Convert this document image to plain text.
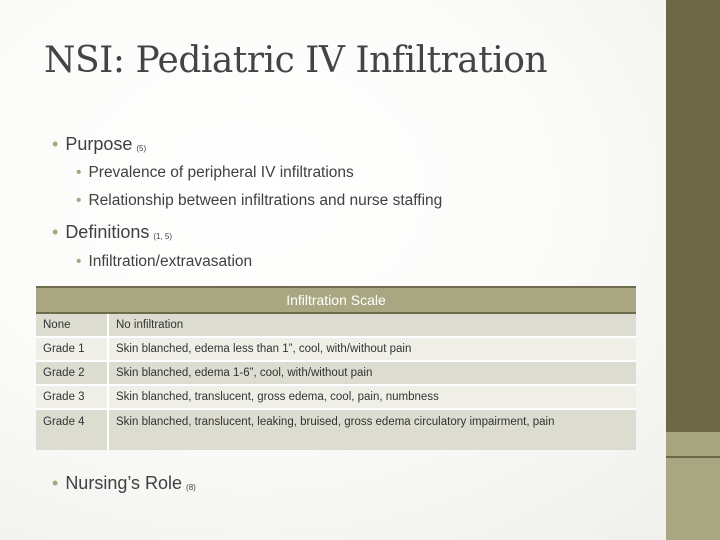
NSI: Pediatric IV Infiltration
• Purpose (5)
• Prevalence of peripheral IV infiltrations
• Relationship between infiltrations and nurse staffing
• Definitions (1, 5)
• Infiltration/extravasation
Infiltration Scale	
None	No infiltration
Grade 1	Skin blanched, edema less than 1”, cool, with/without pain
Grade 2	Skin blanched, edema 1-6”, cool, with/without pain
Grade 3	Skin blanched, translucent, gross edema, cool, pain, numbness
Grade 4	Skin blanched, translucent, leaking, bruised, gross edema circulatory impairment, pain
• Nursing’s Role (8)
